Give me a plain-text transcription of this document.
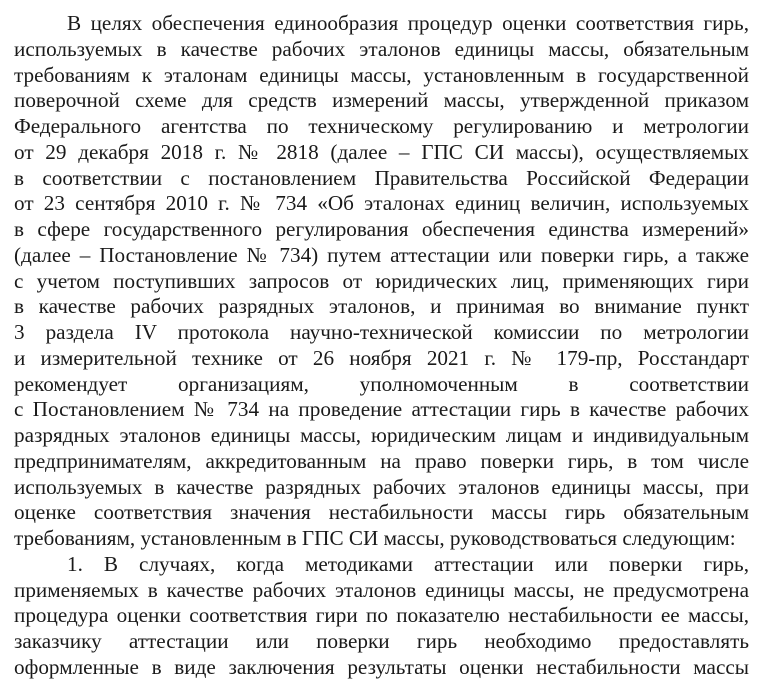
В целях обеспечения единообразия процедур оценки соответствия гирь,
используемых в качестве рабочих эталонов единицы массы, обязательным
требованиям к эталонам единицы массы, установленным в государственной
поверочной схеме для средств измерений массы, утвержденной приказом
Федерального агентства по техническому регулированию и метрологии
от 29 декабря 2018 г. № 2818 (далее – ГПС СИ массы), осуществляемых
в соответствии с постановлением Правительства Российской Федерации
от 23 сентября 2010 г. № 734 «Об эталонах единиц величин, используемых
в сфере государственного регулирования обеспечения единства измерений»
(далее – Постановление № 734) путем аттестации или поверки гирь, а также
с учетом поступивших запросов от юридических лиц, применяющих гири
в качестве рабочих разрядных эталонов, и принимая во внимание пункт
3 раздела IV протокола научно-технической комиссии по метрологии
и измерительной технике от 26 ноября 2021 г. № 179-пр, Росстандарт
рекомендует организациям, уполномоченным в соответствии
с Постановлением № 734 на проведение аттестации гирь в качестве рабочих
разрядных эталонов единицы массы, юридическим лицам и индивидуальным
предпринимателям, аккредитованным на право поверки гирь, в том числе
используемых в качестве разрядных рабочих эталонов единицы массы, при
оценке соответствия значения нестабильности массы гирь обязательным
требованиям, установленным в ГПС СИ массы, руководствоваться следующим:
1. В случаях, когда методиками аттестации или поверки гирь,
применяемых в качестве рабочих эталонов единицы массы, не предусмотрена
процедура оценки соответствия гири по показателю нестабильности ее массы,
заказчику аттестации или поверки гирь необходимо предоставлять
оформленные в виде заключения результаты оценки нестабильности массы
